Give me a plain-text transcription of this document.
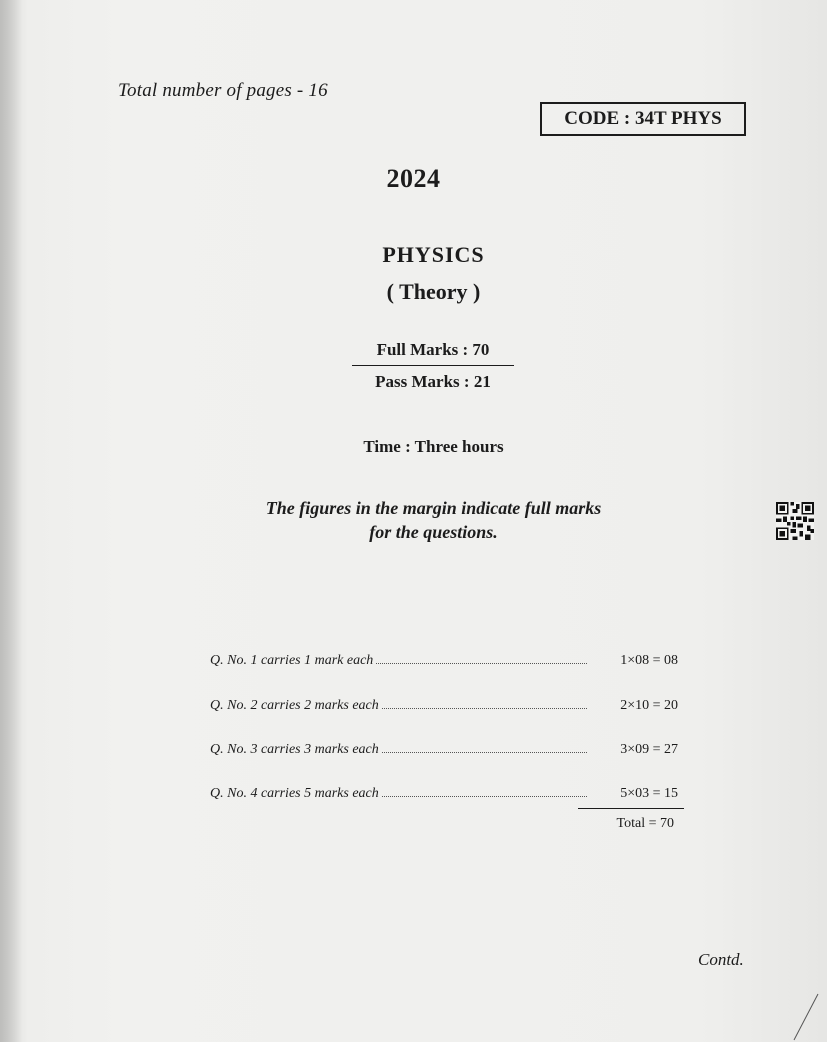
Total number of pages - 16
CODE : 34T PHYS
2024
PHYSICS
( Theory )
Full Marks : 70
Pass Marks : 21
Time : Three hours
The figures in the margin indicate full marks
for the questions.
Q. No. 1 carries 1 mark each	1×08 = 08
Q. No. 2 carries 2 marks each	2×10 = 20
Q. No. 3 carries 3 marks each	3×09 = 27
Q. No. 4 carries 5 marks each	5×03 = 15
Total = 70
Contd.
